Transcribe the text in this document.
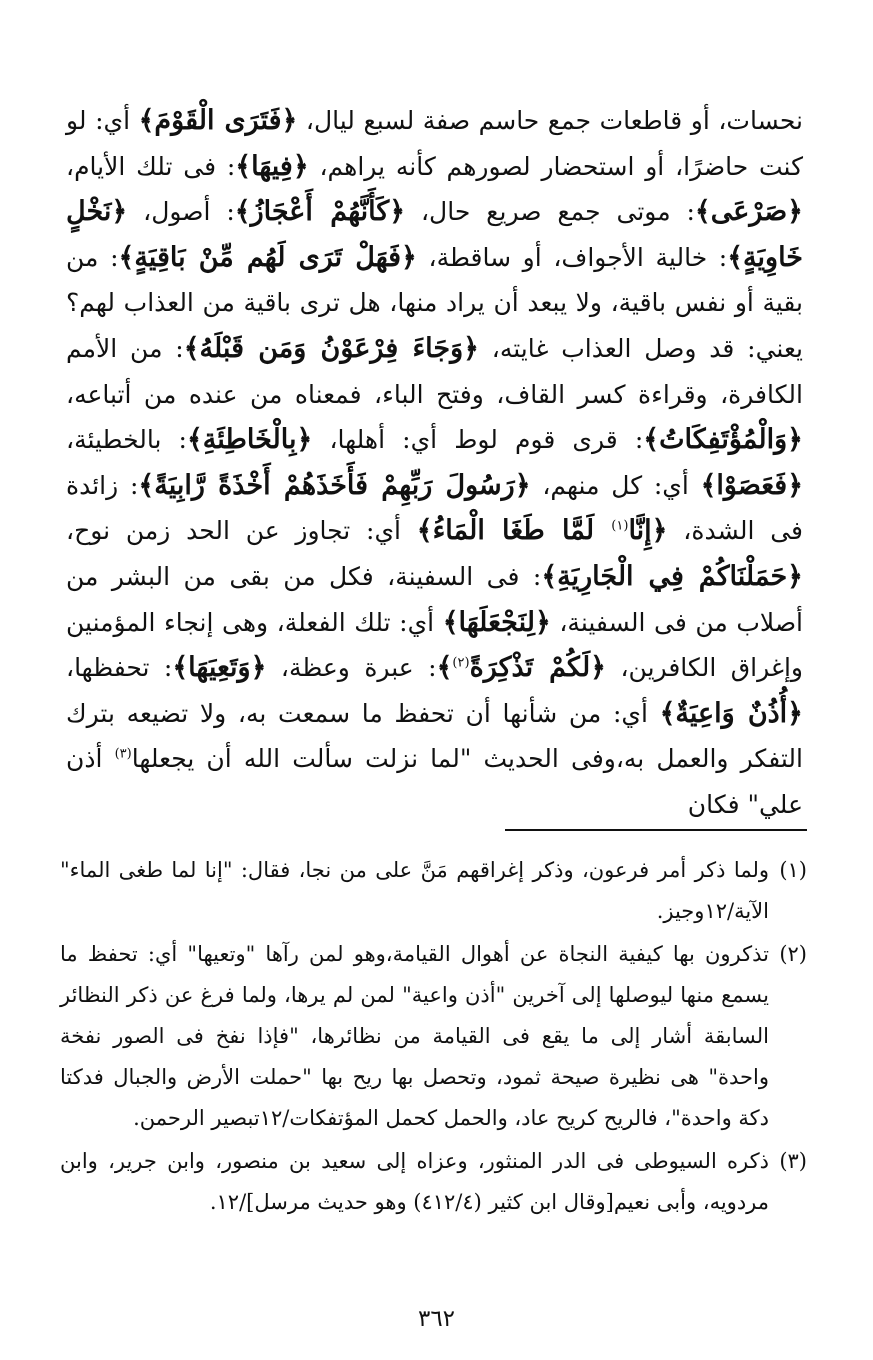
نحسات، أو قاطعات جمع حاسم صفة لسبع ليال، ﴿فَتَرَى الْقَوْمَ﴾ أي: لو كنت حاضرًا، أو استحضار لصورهم كأنه يراهم، ﴿فِيهَا﴾: فى تلك الأيام، ﴿صَرْعَى﴾: موتى جمع صريع حال، ﴿كَأَنَّهُمْ أَعْجَازُ﴾: أصول، ﴿نَخْلٍ خَاوِيَةٍ﴾: خالية الأجواف، أو ساقطة، ﴿فَهَلْ تَرَى لَهُم مِّنْ بَاقِيَةٍ﴾: من بقية أو نفس باقية، ولا يبعد أن يراد منها، هل ترى باقية من العذاب لهم؟ يعني: قد وصل العذاب غايته، ﴿وَجَاءَ فِرْعَوْنُ وَمَن قَبْلَهُ﴾: من الأمم الكافرة، وقراءة كسر القاف، وفتح الباء، فمعناه من عنده من أتباعه، ﴿وَالْمُؤْتَفِكَاتُ﴾: قرى قوم لوط أي: أهلها، ﴿بِالْخَاطِئَةِ﴾: بالخطيئة، ﴿فَعَصَوْا﴾ أي: كل منهم، ﴿رَسُولَ رَبِّهِمْ فَأَخَذَهُمْ أَخْذَةً رَّابِيَةً﴾: زائدة فى الشدة، ﴿إِنَّا$^{(١)}$ لَمَّا طَغَا الْمَاءُ﴾ أي: تجاوز عن الحد زمن نوح، ﴿حَمَلْنَاكُمْ فِي الْجَارِيَةِ﴾: فى السفينة، فكل من بقى من البشر من أصلاب من فى السفينة، ﴿لِنَجْعَلَهَا﴾ أي: تلك الفعلة، وهى إنجاء المؤمنين وإغراق الكافرين، ﴿لَكُمْ تَذْكِرَةً$^{(٢)}$﴾: عبرة وعظة، ﴿وَتَعِيَهَا﴾: تحفظها، ﴿أُذُنٌ وَاعِيَةٌ﴾ أي: من شأنها أن تحفظ ما سمعت به، ولا تضيعه بترك التفكر والعمل به،وفى الحديث "لما نزلت سألت الله أن يجعلها$^{(٣)}$ أذن علي" فكان
(١)
ولما ذكر أمر فرعون، وذكر إغراقهم مَنَّ على من نجا، فقال: "إنا لما طغى الماء" الآية/١٢وجيز.
(٢)
تذكرون بها كيفية النجاة عن أهوال القيامة،وهو لمن رآها "وتعيها" أي: تحفظ ما يسمع منها ليوصلها إلى آخرين "أذن واعية" لمن لم يرها، ولما فرغ عن ذكر النظائر السابقة أشار إلى ما يقع فى القيامة من نظائرها، "فإذا نفخ فى الصور نفخة واحدة" هى نظيرة صيحة ثمود، وتحصل بها ريح بها "حملت الأرض والجبال فدكتا دكة واحدة"، فالريح كريح عاد، والحمل كحمل المؤتفكات/١٢تبصير الرحمن.
(٣)
ذكره السيوطى فى الدر المنثور، وعزاه إلى سعيد بن منصور، وابن جرير، وابن مردويه، وأبى نعيم[وقال ابن كثير (٤١٢/٤) وهو حديث مرسل]/١٢.
٣٦٢
